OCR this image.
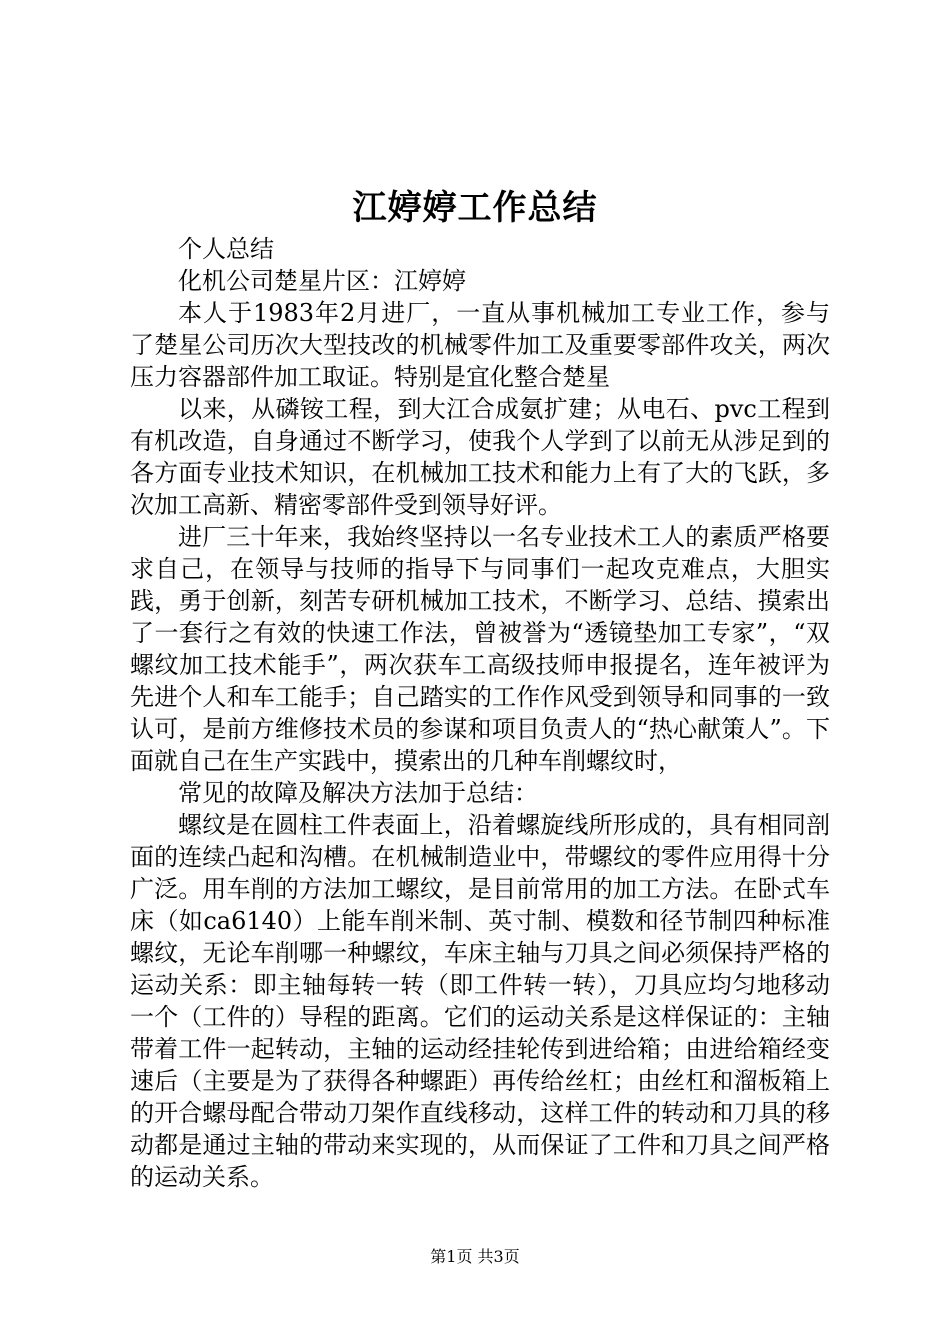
江婷婷工作总结

个人总结

化机公司楚星片区：江婷婷

本人于1983年2月进厂，一直从事机械加工专业工作，参与了楚星公司历次大型技改的机械零件加工及重要零部件攻关，两次压力容器部件加工取证。特别是宜化整合楚星

以来，从磷铵工程，到大江合成氨扩建；从电石、pvc工程到有机改造，自身通过不断学习，使我个人学到了以前无从涉足到的各方面专业技术知识，在机械加工技术和能力上有了大的飞跃，多次加工高新、精密零部件受到领导好评。

进厂三十年来，我始终坚持以一名专业技术工人的素质严格要求自己，在领导与技师的指导下与同事们一起攻克难点，大胆实践，勇于创新，刻苦专研机械加工技术，不断学习、总结、摸索出了一套行之有效的快速工作法，曾被誉为“透镜垫加工专家”，“双螺纹加工技术能手”，两次获车工高级技师申报提名，连年被评为先进个人和车工能手；自己踏实的工作作风受到领导和同事的一致认可，是前方维修技术员的参谋和项目负责人的“热心献策人”。下面就自己在生产实践中，摸索出的几种车削螺纹时，

常见的故障及解决方法加于总结：

螺纹是在圆柱工件表面上，沿着螺旋线所形成的，具有相同剖面的连续凸起和沟槽。在机械制造业中，带螺纹的零件应用得十分广泛。用车削的方法加工螺纹，是目前常用的加工方法。在卧式车床（如ca6140）上能车削米制、英寸制、模数和径节制四种标准螺纹，无论车削哪一种螺纹，车床主轴与刀具之间必须保持严格的运动关系：即主轴每转一转（即工件转一转），刀具应均匀地移动一个（工件的）导程的距离。它们的运动关系是这样保证的：主轴带着工件一起转动，主轴的运动经挂轮传到进给箱；由进给箱经变速后（主要是为了获得各种螺距）再传给丝杠；由丝杠和溜板箱上的开合螺母配合带动刀架作直线移动，这样工件的转动和刀具的移动都是通过主轴的带动来实现的，从而保证了工件和刀具之间严格的运动关系。

第1页 共3页
